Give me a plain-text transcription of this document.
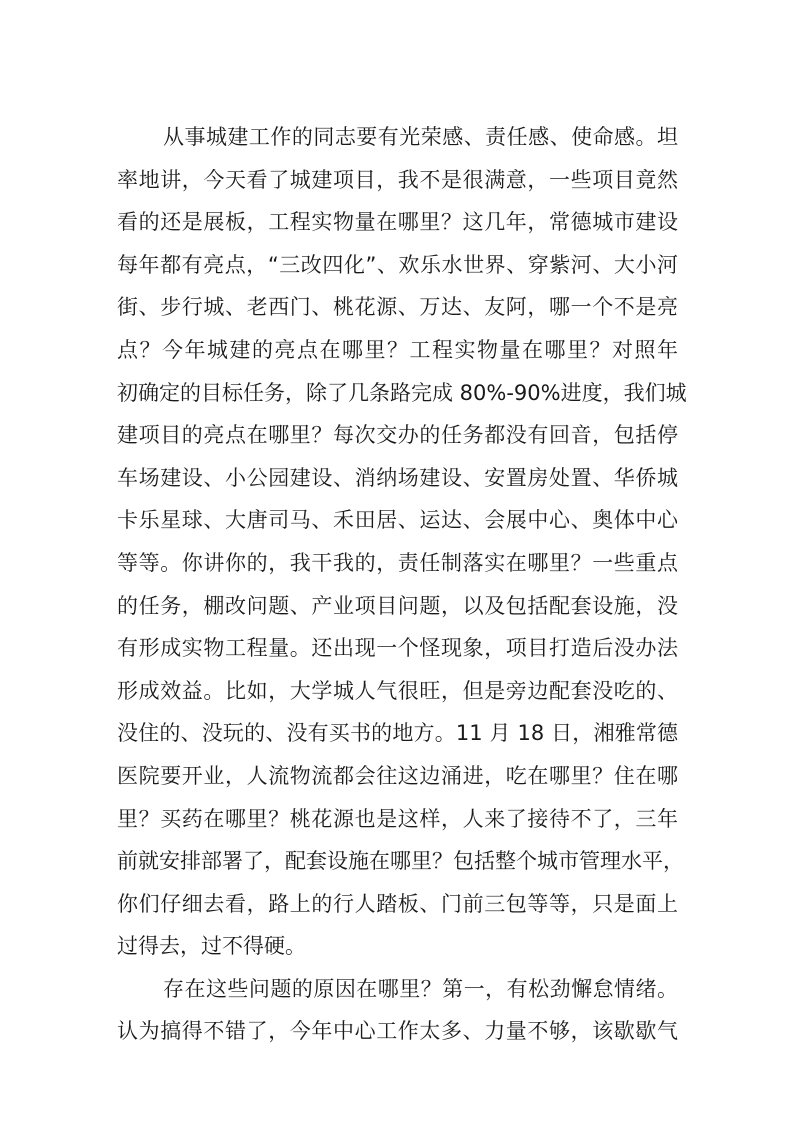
从事城建工作的同志要有光荣感、责任感、使命感。坦
率地讲，今天看了城建项目，我不是很满意，一些项目竟然
看的还是展板，工程实物量在哪里？这几年，常德城市建设
每年都有亮点，“三改四化”、欢乐水世界、穿紫河、大小河
街、步行城、老西门、桃花源、万达、友阿，哪一个不是亮
点？今年城建的亮点在哪里？工程实物量在哪里？对照年
初确定的目标任务，除了几条路完成 80%-90%进度，我们城
建项目的亮点在哪里？每次交办的任务都没有回音，包括停
车场建设、小公园建设、消纳场建设、安置房处置、华侨城
卡乐星球、大唐司马、禾田居、运达、会展中心、奥体中心
等等。你讲你的，我干我的，责任制落实在哪里？一些重点
的任务，棚改问题、产业项目问题，以及包括配套设施，没
有形成实物工程量。还出现一个怪现象，项目打造后没办法
形成效益。比如，大学城人气很旺，但是旁边配套没吃的、
没住的、没玩的、没有买书的地方。11 月 18 日，湘雅常德
医院要开业，人流物流都会往这边涌进，吃在哪里？住在哪
里？买药在哪里？桃花源也是这样，人来了接待不了，三年
前就安排部署了，配套设施在哪里？包括整个城市管理水平，
你们仔细去看，路上的行人踏板、门前三包等等，只是面上
过得去，过不得硬。
存在这些问题的原因在哪里？第一，有松劲懈怠情绪。
认为搞得不错了，今年中心工作太多、力量不够，该歇歇气
